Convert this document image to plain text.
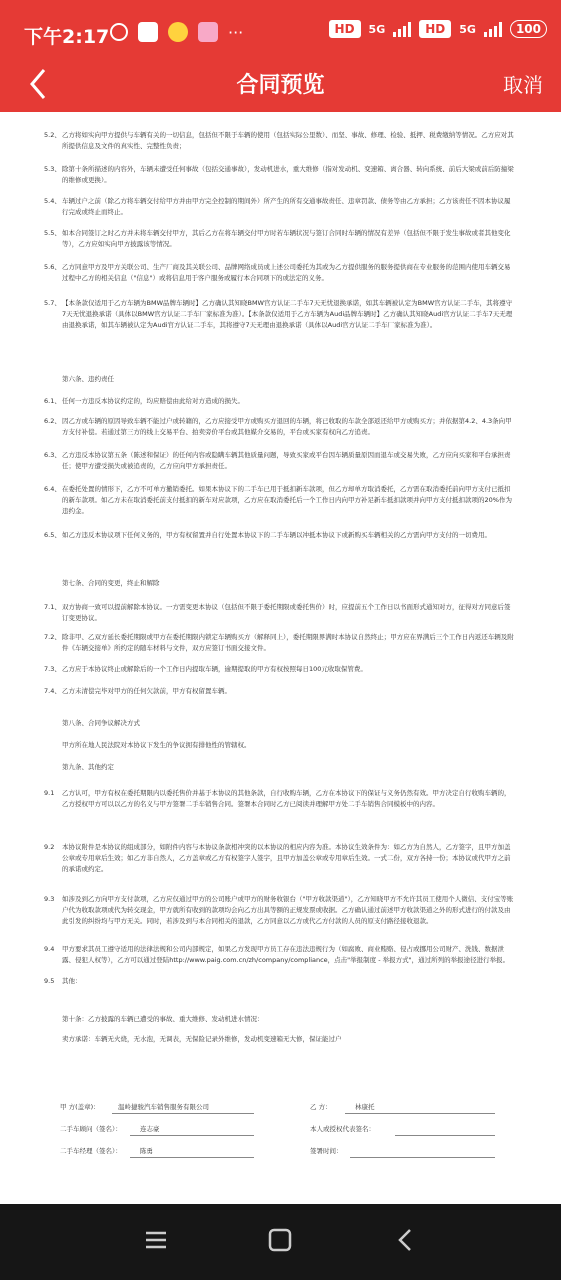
下午2:17	···	HD	5G	HD	5G	100
合同预览	取消
5.2、 乙方将如实向甲方提供与车辆有关的一切信息，包括但不限于车辆的使用（包括实际公里数）、而坚、事故、修理、检验、抵押、税费缴纳等情况。乙方应对其所提供信息及文件的真实性、完整性负责；
5.3、 除第十条所描述的内容外，车辆未遭受任何事故（包括交通事故），发动机进水，重大维修（指对发动机、变速箱、离合器、转向系统、前后大梁或前后防撞梁的维修或更换）。
5.4、 车辆过户之前（除乙方将车辆交付给甲方并由甲方完全控制的期间外）所产生的所有交通事故责任、违章罚款、债务等由乙方承担；乙方该责任不因本协议履行完成或终止而终止。
5.5、 如本合同签订之时乙方并未将车辆交付甲方，其后乙方在将车辆交付甲方时若车辆状况与签订合同时车辆的情况有差异（包括但不限于发生事故或者其他变化等），乙方应如实向甲方披露该等情况。
5.6、 乙方同意甲方及甲方关联公司、生产厂商及其关联公司、品牌网络成员或上述公司委托为其或为乙方提供服务的服务提供商在专业服务的范围内使用车辆交易过程中乙方的相关信息（"信息"）或将信息用于客户服务或履行本合同项下的或法定的义务。
5.7、 【本条款仅适用于乙方车辆为BMW品牌车辆时】乙方确认其知晓BMW官方认证二手车7天无忧退换承诺，如其车辆被认定为BMW官方认证二手车，其将遵守7天无忧退换承诺（具体以BMW官方认证二手车厂家标准为准）。【本条款仅适用于乙方车辆为Audi品牌车辆时】乙方确认其知晓Audi官方认证二手车7天无理由退换承诺，如其车辆被认定为Audi官方认证二手车，其将遵守7天无理由退换承诺（具体以Audi官方认证二手车厂家标准为准）。
第六条、违约责任
6.1、 任何一方违反本协议约定的，均应赔偿由此给对方造成的损失。
6.2、 因乙方或车辆的原因导致车辆不能过户或转籍的，乙方应接受甲方或购买方退回的车辆，将已收取的车款全部返还给甲方或购买方；并依据第4.2、4.3条向甲方支付补偿。若通过第三方的线上交易平台、拍卖旁价平台或其他媒介交易的，平台或买家有权向乙方追责。
6.3、 乙方违反本协议第五条（陈述和保证）的任何内容或隐瞒车辆其他质量问题，导致买家或平台因车辆质量原因而退车或交易失败，乙方应向买家和平台承担责任；使甲方遭受损失或被追责的，乙方应向甲方承担责任。
6.4、 在委托处置的情形下，乙方不可单方撤销委托。如果本协议下的二手车已用于抵扣新车款项，但乙方却单方取消委托，乙方需在取消委托前向甲方支付已抵扣的新车款项。如乙方未在取消委托前支付抵扣的新车对应款项，乙方应在取消委托后一个工作日内向甲方补足新车抵扣款项并向甲方支付抵扣款项的20%作为违约金。
6.5、 如乙方违反本协议项下任何义务的，甲方有权留置并自行处置本协议下的二手车辆以冲抵本协议下或新购买车辆相关的乙方需向甲方支付的一切费用。
第七条、合同的变更，终止和解除
7.1、 双方协商一致可以提前解除本协议。一方需变更本协议（包括但不限于委托期限或委托售价）时，应提前五个工作日以书面形式通知对方，征得对方同意后签订变更协议。
7.2、 除非甲、乙双方延长委托期限或甲方在委托期限内锁定车辆购买方（解释同上），委托期限界满时本协议自然终止；甲方应在界满后三个工作日内返还车辆及附件《车辆交接单》所约定的随车材料与文件，双方应签订书面交接文件。
7.3、 乙方应于本协议终止或解除后的一个工作日内提取车辆，逾期提取的甲方有权按照每日100元收取保管费。
7.4、 乙方未清偿完毕对甲方的任何欠款前，甲方有权留置车辆。
第八条、合同争议解决方式
甲方所在地人民法院对本协议下发生的争议拥有排他性的管辖权。
第九条、其他约定
9.1	乙方认可，甲方有权在委托期限内以委托售价并基于本协议的其他条款，自行收购车辆，乙方在本协议下的保证与义务仍然有效。甲方决定自行收购车辆的，乙方授权甲方可以以乙方的名义与甲方签署二手车销售合同。签署本合同时乙方已阅读并理解甲方处二手车销售合同模板中的内容。
9.2	本协议附件是本协议的组成部分，如附件内容与本协议条款相冲突的以本协议的相应内容为准。本协议生效条件为：如乙方为自然人，乙方签字，且甲方加盖公章或专用章后生效；如乙方非自然人，乙方盖章或乙方有权签字人签字，且甲方加盖公章或专用章后生效。一式二份，双方各持一份；本协议或代甲方之前的承诺或约定。
9.3	如涉及到乙方向甲方支付款项，乙方应仅通过甲方的公司账户或甲方的财务收银台（"甲方收款渠道"），乙方知晓甲方不允许其员工使用个人微信、支付宝等账户代为收取款项或代为转交现金，甲方就所有收到的款项均会向乙方出具等额的正规发票或收据。乙方确认通过前述甲方收款渠道之外的形式进行的付款及由此引发的纠纷均与甲方无关。同时，若涉及到与本合同相关的退款，乙方同意以乙方或代乙方付款的人员的原支付路径接收退款。
9.4	甲方要求其员工遵守适用的法律法规和公司内部规定，如果乙方发现甲方员工存在违法违规行为（如腐败、商业贿赂、侵占或挪用公司财产、洗钱、数据泄露、侵犯人权等），乙方可以通过登陆http://www.paig.com.cn/zh/company/compliance，点击"举报制度 - 举报方式"，通过所列的举报途径进行举报。
9.5	其他：
第十条：乙方披露的车辆已遭受的事故、重大维修、发动机进水情况：
卖方承诺：车辆无火烧，无水泡，无调表，无保险记录外维修，发动机变速箱无大修，保证能过户
甲 方(盖章)：	温岭捷骏汽车销售服务有限公司	乙 方：	林康托
二手车顾问（签名）：	连志豪	本人或授权代表签名：
二手车经理（签名）：	陈勇	签署时间：
